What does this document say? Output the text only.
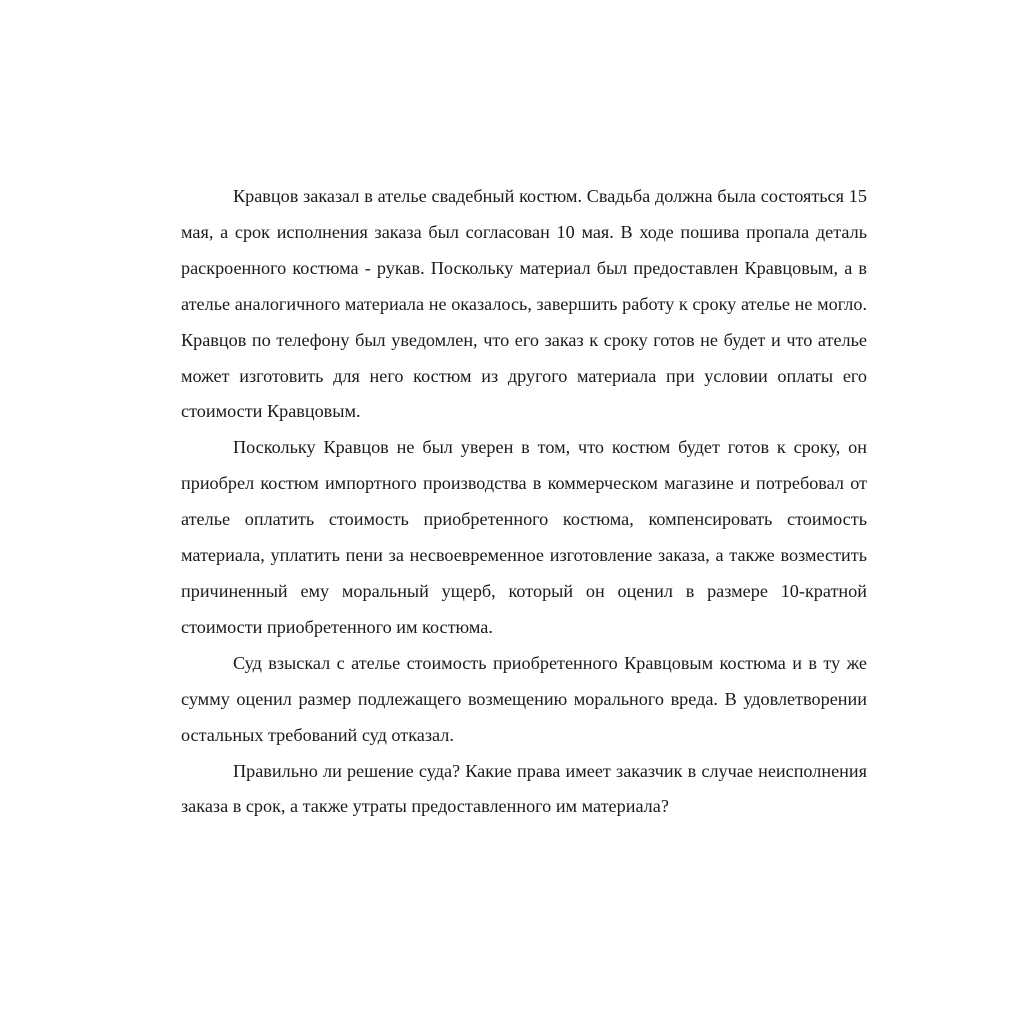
Кравцов заказал в ателье свадебный костюм. Свадьба должна была состояться 15 мая, а срок исполнения заказа был согласован 10 мая. В ходе пошива пропала деталь раскроенного костюма - рукав. Поскольку материал был предоставлен Кравцовым, а в ателье аналогичного материала не оказалось, завершить работу к сроку ателье не могло. Кравцов по телефону был уведомлен, что его заказ к сроку готов не будет и что ателье может изготовить для него костюм из другого материала при условии оплаты его стоимости Кравцовым.

Поскольку Кравцов не был уверен в том, что костюм будет готов к сроку, он приобрел костюм импортного производства в коммерческом магазине и потребовал от ателье оплатить стоимость приобретенного костюма, компенсировать стоимость материала, уплатить пени за несвоевременное изготовление заказа, а также возместить причиненный ему моральный ущерб, который он оценил в размере 10-кратной стоимости приобретенного им костюма.

Суд взыскал с ателье стоимость приобретенного Кравцовым костюма и в ту же сумму оценил размер подлежащего возмещению морального вреда. В удовлетворении остальных требований суд отказал.

Правильно ли решение суда? Какие права имеет заказчик в случае неисполнения заказа в срок, а также утраты предоставленного им материала?
